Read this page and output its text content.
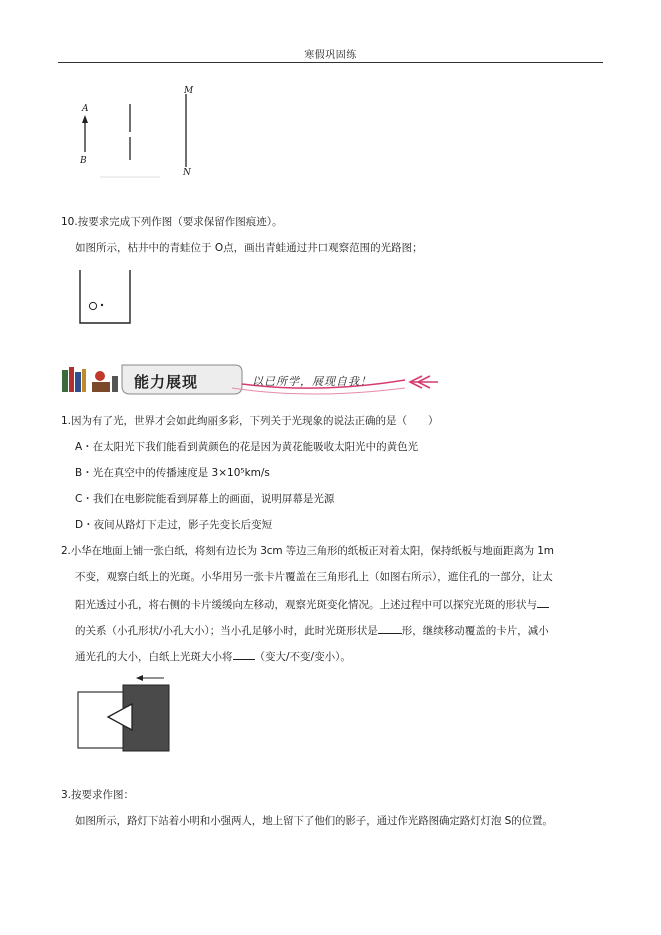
寒假巩固练
A
B
M
N
10.按要求完成下列作图（要求保留作图痕迹）。
如图所示，枯井中的青蛙位于 O点，画出青蛙通过井口观察范围的光路图；
能力展现	以已所学，展现自我！
1.因为有了光，世界才会如此绚丽多彩，下列关于光现象的说法正确的是（　　）
A・在太阳光下我们能看到黄颜色的花是因为黄花能吸收太阳光中的黄色光
B・光在真空中的传播速度是 3×10⁵km/s
C・我们在电影院能看到屏幕上的画面，说明屏幕是光源
D・夜间从路灯下走过，影子先变长后变短
2.小华在地面上铺一张白纸，将刻有边长为 3cm 等边三角形的纸板正对着太阳，保持纸板与地面距离为 1m
不变，观察白纸上的光斑。小华用另一张卡片覆盖在三角形孔上（如图右所示），遮住孔的一部分，让太
阳光透过小孔，将右侧的卡片缓缓向左移动，观察光斑变化情况。上述过程中可以探究光斑的形状与
的关系（小孔形状/小孔大小）；当小孔足够小时，此时光斑形状是 形，继续移动覆盖的卡片，减小
通光孔的大小，白纸上光斑大小将 （变大/不变/变小）。
3.按要求作图：
如图所示，路灯下站着小明和小强两人，地上留下了他们的影子，通过作光路图确定路灯灯泡 S的位置。
